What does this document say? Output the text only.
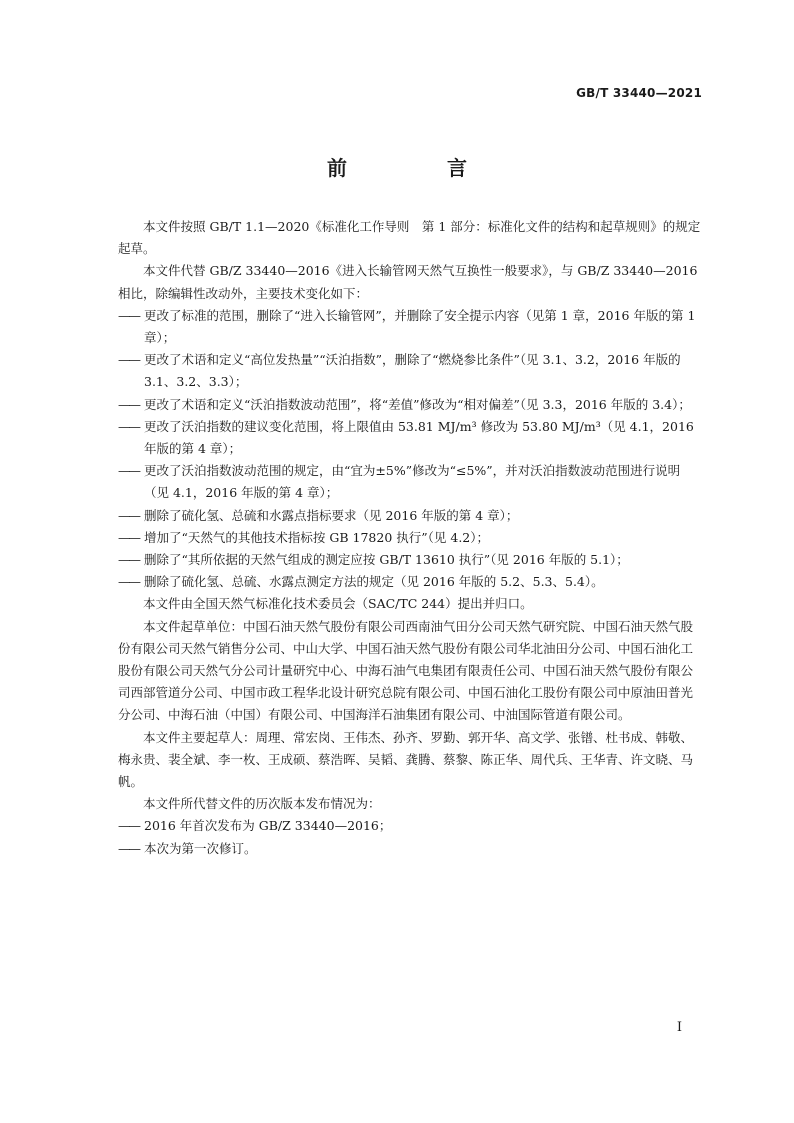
GB/T 33440—2021
前　言

本文件按照 GB/T 1.1—2020《标准化工作导则　第 1 部分：标准化文件的结构和起草规则》的规定起草。

本文件代替 GB/Z 33440—2016《进入长输管网天然气互换性一般要求》，与 GB/Z 33440—2016 相比，除编辑性改动外，主要技术变化如下：

—— 更改了标准的范围，删除了“进入长输管网”，并删除了安全提示内容（见第 1 章，2016 年版的第 1 章）；
—— 更改了术语和定义“高位发热量”“沃泊指数”，删除了“燃烧参比条件”（见 3.1、3.2，2016 年版的 3.1、3.2、3.3）；
—— 更改了术语和定义“沃泊指数波动范围”，将“差值”修改为“相对偏差”（见 3.3，2016 年版的 3.4）；
—— 更改了沃泊指数的建议变化范围，将上限值由 53.81 MJ/m³ 修改为 53.80 MJ/m³（见 4.1，2016 年版的第 4 章）；
—— 更改了沃泊指数波动范围的规定，由“宜为±5%”修改为“≤5%”，并对沃泊指数波动范围进行说明（见 4.1，2016 年版的第 4 章）；
—— 删除了硫化氢、总硫和水露点指标要求（见 2016 年版的第 4 章）；
—— 增加了“天然气的其他技术指标按 GB 17820 执行”（见 4.2）；
—— 删除了“其所依据的天然气组成的测定应按 GB/T 13610 执行”（见 2016 年版的 5.1）；
—— 删除了硫化氢、总硫、水露点测定方法的规定（见 2016 年版的 5.2、5.3、5.4）。

本文件由全国天然气标准化技术委员会（SAC/TC 244）提出并归口。

本文件起草单位：中国石油天然气股份有限公司西南油气田分公司天然气研究院、中国石油天然气股份有限公司天然气销售分公司、中山大学、中国石油天然气股份有限公司华北油田分公司、中国石油化工股份有限公司天然气分公司计量研究中心、中海石油气电集团有限责任公司、中国石油天然气股份有限公司西部管道分公司、中国市政工程华北设计研究总院有限公司、中国石油化工股份有限公司中原油田普光分公司、中海石油（中国）有限公司、中国海洋石油集团有限公司、中油国际管道有限公司。

本文件主要起草人：周理、常宏岗、王伟杰、孙齐、罗勤、郭开华、高文学、张镨、杜书成、韩敬、梅永贵、裴全斌、李一枚、王成硕、蔡浩晖、吴韬、龚腾、蔡黎、陈正华、周代兵、王华青、许文晓、马帆。

本文件所代替文件的历次版本发布情况为：

—— 2016 年首次发布为 GB/Z 33440—2016；
—— 本次为第一次修订。
I
